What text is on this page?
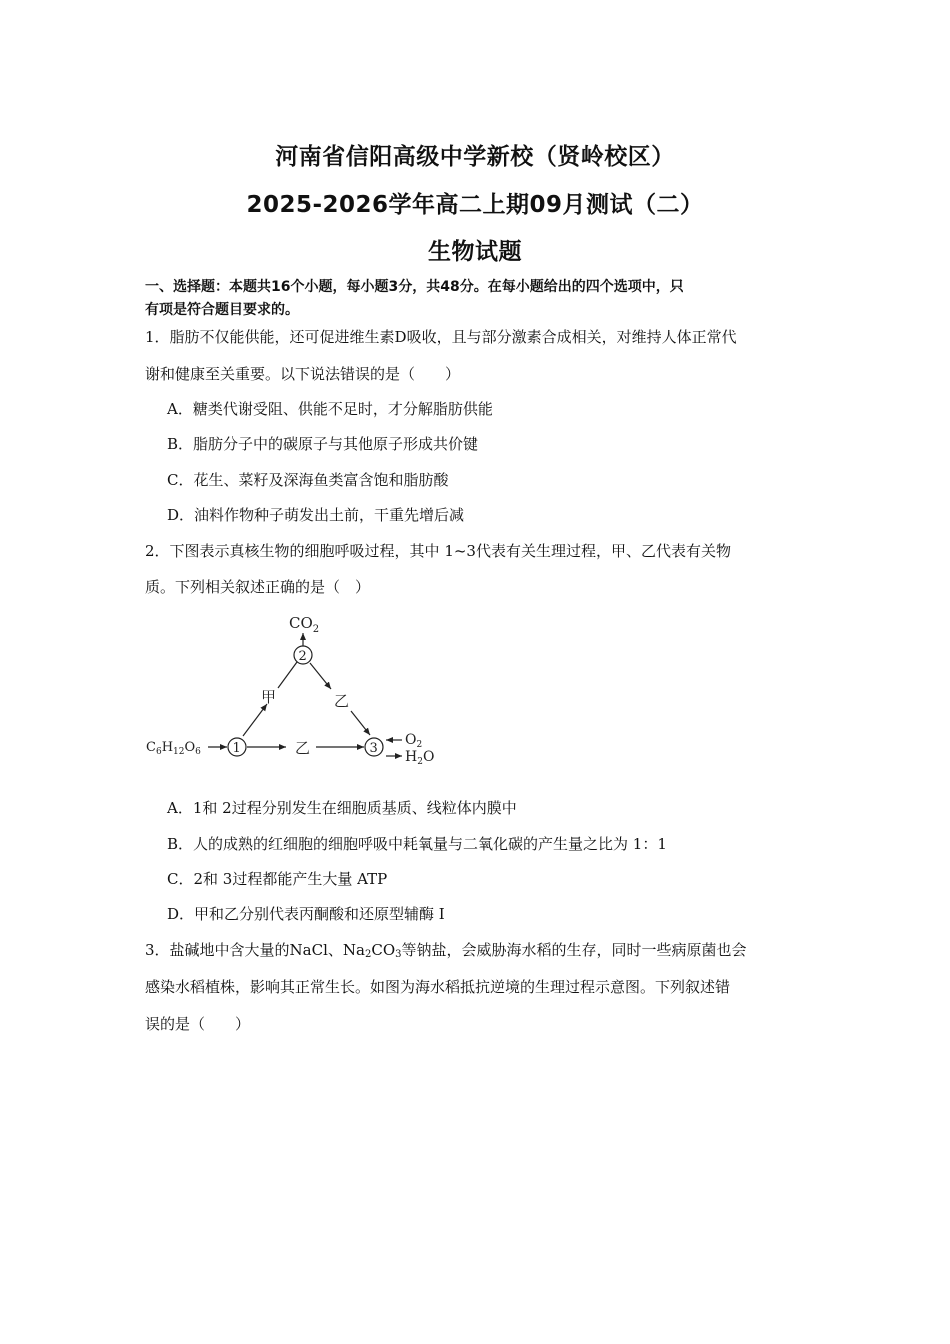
河南省信阳高级中学新校（贤岭校区）
2025-2026学年高二上期09月测试（二）
生物试题
一、选择题：本题共16个小题，每小题3分，共48分。在每小题给出的四个选项中，只
有项是符合题目要求的。
1．脂肪不仅能供能，还可促进维生素D吸收，且与部分激素合成相关，对维持人体正常代
谢和健康至关重要。以下说法错误的是（　　）
A．糖类代谢受阻、供能不足时，才分解脂肪供能
B．脂肪分子中的碳原子与其他原子形成共价键
C．花生、菜籽及深海鱼类富含饱和脂肪酸
D．油料作物种子萌发出土前，干重先增后减
2．下图表示真核生物的细胞呼吸过程，其中 1~3代表有关生理过程，甲、乙代表有关物
质。下列相关叙述正确的是（　）
$CO_2$
2
甲	乙
$C_6H_{12}O_6$ 1	乙	3
$O_2$
$H_2O$
A．1和 2过程分别发生在细胞质基质、线粒体内膜中
B．人的成熟的红细胞的细胞呼吸中耗氧量与二氧化碳的产生量之比为 1：1
C．2和 3过程都能产生大量 ATP
D．甲和乙分别代表丙酮酸和还原型辅酶 I
3．盐碱地中含大量的NaCl、$Na_2CO_3$等钠盐，会威胁海水稻的生存，同时一些病原菌也会
感染水稻植株，影响其正常生长。如图为海水稻抵抗逆境的生理过程示意图。下列叙述错
误的是（　　）
